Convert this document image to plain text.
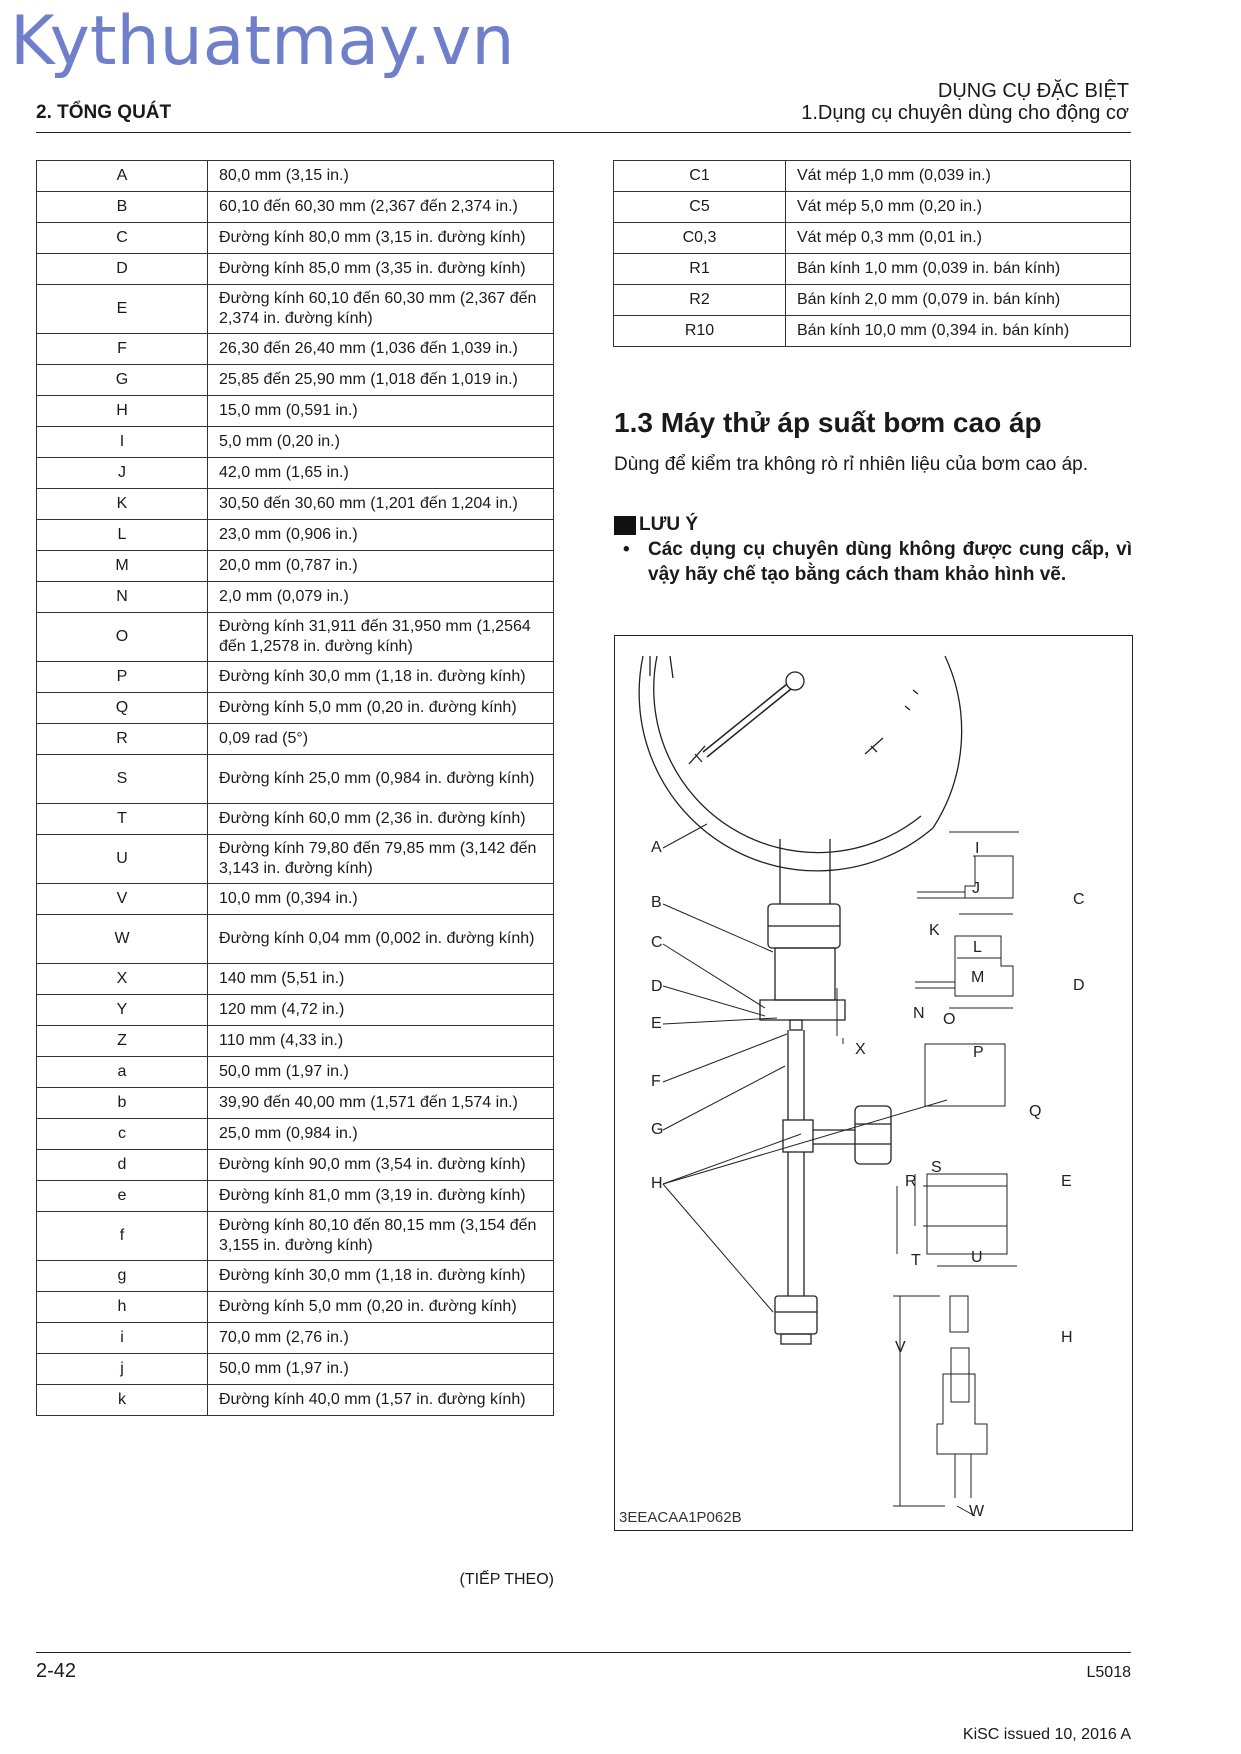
Kythuatmay.vn
DỤNG CỤ ĐẶC BIỆT
1.Dụng cụ chuyên dùng cho động cơ
2. TỔNG QUÁT
A	80,0 mm (3,15 in.)
B	60,10 đến 60,30 mm (2,367 đến 2,374 in.)
C	Đường kính 80,0 mm (3,15 in. đường kính)
D	Đường kính 85,0 mm (3,35 in. đường kính)
E	Đường kính 60,10 đến 60,30 mm (2,367 đến 2,374 in. đường kính)
F	26,30 đến 26,40 mm (1,036 đến 1,039 in.)
G	25,85 đến 25,90 mm (1,018 đến 1,019 in.)
H	15,0 mm (0,591 in.)
I	5,0 mm (0,20 in.)
J	42,0 mm (1,65 in.)
K	30,50 đến 30,60 mm (1,201 đến 1,204 in.)
L	23,0 mm (0,906 in.)
M	20,0 mm (0,787 in.)
N	2,0 mm (0,079 in.)
O	Đường kính 31,911 đến 31,950 mm (1,2564 đến 1,2578 in. đường kính)
P	Đường kính 30,0 mm (1,18 in. đường kính)
Q	Đường kính 5,0 mm (0,20 in. đường kính)
R	0,09 rad (5°)
S	Đường kính 25,0 mm (0,984 in. đường kính)
T	Đường kính 60,0 mm (2,36 in. đường kính)
U	Đường kính 79,80 đến 79,85 mm (3,142 đến 3,143 in. đường kính)
V	10,0 mm (0,394 in.)
W	Đường kính 0,04 mm (0,002 in. đường kính)
X	140 mm (5,51 in.)
Y	120 mm (4,72 in.)
Z	110 mm (4,33 in.)
a	50,0 mm (1,97 in.)
b	39,90 đến 40,00 mm (1,571 đến 1,574 in.)
c	25,0 mm (0,984 in.)
d	Đường kính 90,0 mm (3,54 in. đường kính)
e	Đường kính 81,0 mm (3,19 in. đường kính)
f	Đường kính 80,10 đến 80,15 mm (3,154 đến 3,155 in. đường kính)
g	Đường kính 30,0 mm (1,18 in. đường kính)
h	Đường kính 5,0 mm (0,20 in. đường kính)
i	70,0 mm (2,76 in.)
j	50,0 mm (1,97 in.)
k	Đường kính 40,0 mm (1,57 in. đường kính)
(TIẾP THEO)
C1	Vát mép 1,0 mm (0,039 in.)
C5	Vát mép 5,0 mm (0,20 in.)
C0,3	Vát mép 0,3 mm (0,01 in.)
R1	Bán kính 1,0 mm (0,039 in. bán kính)
R2	Bán kính 2,0 mm (0,079 in. bán kính)
R10	Bán kính 10,0 mm (0,394 in. bán kính)
1.3 Máy thử áp suất bơm cao áp
Dùng để kiểm tra không rò rỉ nhiên liệu của bơm cao áp.
LƯU Ý
• Các dụng cụ chuyên dùng không được cung cấp, vì vậy hãy chế tạo bằng cách tham khảo hình vẽ.
A
B
C
D
E
F
G
H
X
I
J
C
K
L
M	D
N O
P
Q
R
S
E
T	U
V
H
W
3EEACAA1P062B
2-42	L5018
KiSC issued 10, 2016 A
